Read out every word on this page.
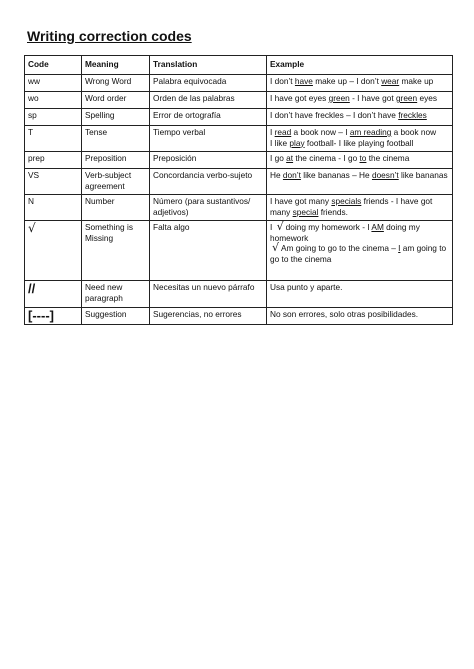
Writing correction codes
Code	Meaning	Translation	Example
ww	Wrong Word	Palabra equivocada	I don’t have make up – I don’t wear make up
wo	Word order	Orden de las palabras	I have got eyes green - I have got green eyes
sp	Spelling	Error de ortografía	I don’t have freckles – I don’t have freckles
T	Tense	Tiempo verbal	I read a book now – I am reading a book now
I like play football- I like playing football
prep	Preposition	Preposición	I go at the cinema - I go to the cinema
VS	Verb-subject agreement	Concordancia verbo-sujeto	He don’t like bananas – He doesn’t like bananas
N	Number	Número (para sustantivos/ adjetivos)	I have got many specials friends - I have got many special friends.
√	Something is Missing	Falta algo	I √ doing my homework - I AM doing my homework
√ Am going to go to the cinema – I am going to go to the cinema
//	Need new paragraph	Necesitas un nuevo párrafo	Usa punto y aparte.
[----]	Suggestion	Sugerencias, no errores	No son errores, solo otras posibilidades.
